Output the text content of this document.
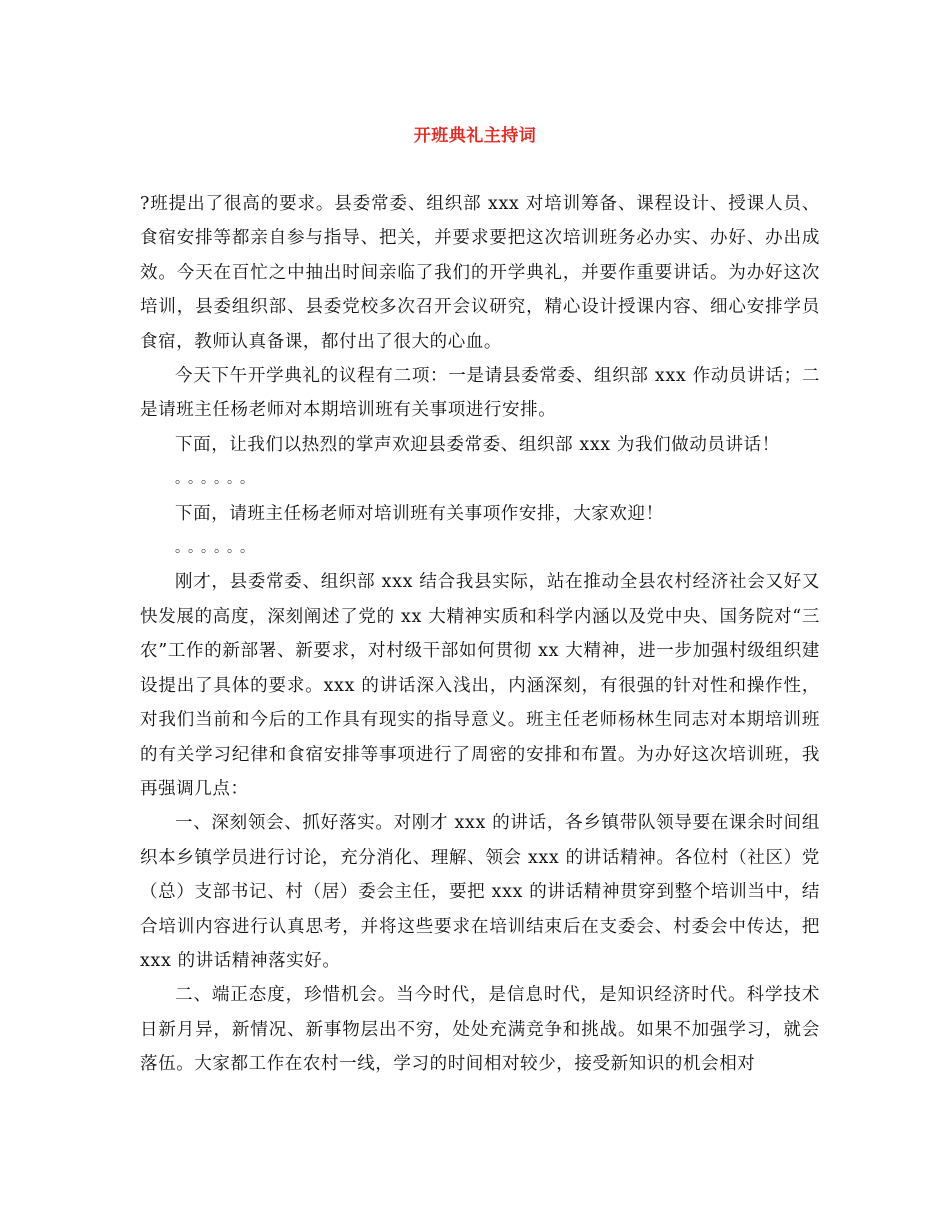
开班典礼主持词

?班提出了很高的要求。县委常委、组织部 xxx 对培训筹备、课程设计、授课人员、食宿安排等都亲自参与指导、把关，并要求要把这次培训班务必办实、办好、办出成效。今天在百忙之中抽出时间亲临了我们的开学典礼，并要作重要讲话。为办好这次培训，县委组织部、县委党校多次召开会议研究，精心设计授课内容、细心安排学员食宿，教师认真备课，都付出了很大的心血。

今天下午开学典礼的议程有二项：一是请县委常委、组织部 xxx 作动员讲话；二是请班主任杨老师对本期培训班有关事项进行安排。

下面，让我们以热烈的掌声欢迎县委常委、组织部 xxx 为我们做动员讲话！

。。。。。。

下面，请班主任杨老师对培训班有关事项作安排，大家欢迎！

。。。。。。

刚才，县委常委、组织部 xxx 结合我县实际，站在推动全县农村经济社会又好又快发展的高度，深刻阐述了党的 xx 大精神实质和科学内涵以及党中央、国务院对“三农”工作的新部署、新要求，对村级干部如何贯彻 xx 大精神，进一步加强村级组织建设提出了具体的要求。xxx 的讲话深入浅出，内涵深刻，有很强的针对性和操作性，对我们当前和今后的工作具有现实的指导意义。班主任老师杨林生同志对本期培训班的有关学习纪律和食宿安排等事项进行了周密的安排和布置。为办好这次培训班，我再强调几点：

一、深刻领会、抓好落实。对刚才 xxx 的讲话，各乡镇带队领导要在课余时间组织本乡镇学员进行讨论，充分消化、理解、领会 xxx 的讲话精神。各位村（社区）党（总）支部书记、村（居）委会主任，要把 xxx 的讲话精神贯穿到整个培训当中，结合培训内容进行认真思考，并将这些要求在培训结束后在支委会、村委会中传达，把 xxx 的讲话精神落实好。

二、端正态度，珍惜机会。当今时代，是信息时代，是知识经济时代。科学技术日新月异，新情况、新事物层出不穷，处处充满竞争和挑战。如果不加强学习，就会落伍。大家都工作在农村一线，学习的时间相对较少，接受新知识的机会相对
